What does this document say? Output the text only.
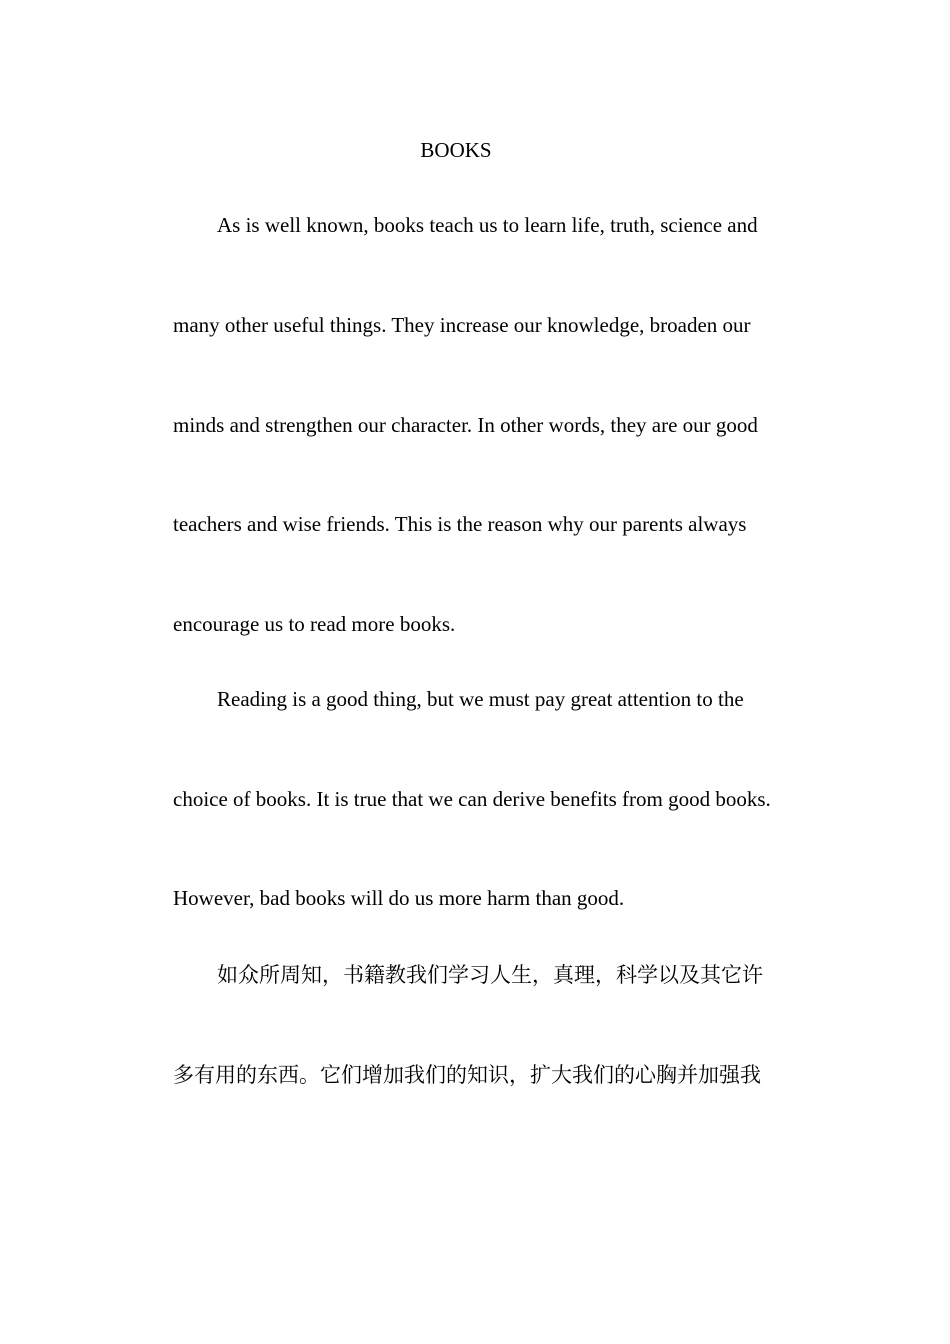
BOOKS
As is well known, books teach us to learn life, truth, science and
many other useful things. They increase our knowledge, broaden our
minds and strengthen our character. In other words, they are our good
teachers and wise friends. This is the reason why our parents always
encourage us to read more books.
Reading is a good thing, but we must pay great attention to the
choice of books. It is true that we can derive benefits from good books.
However, bad books will do us more harm than good.
如众所周知，书籍教我们学习人生，真理，科学以及其它许
多有用的东西。它们增加我们的知识，扩大我们的心胸并加强我
